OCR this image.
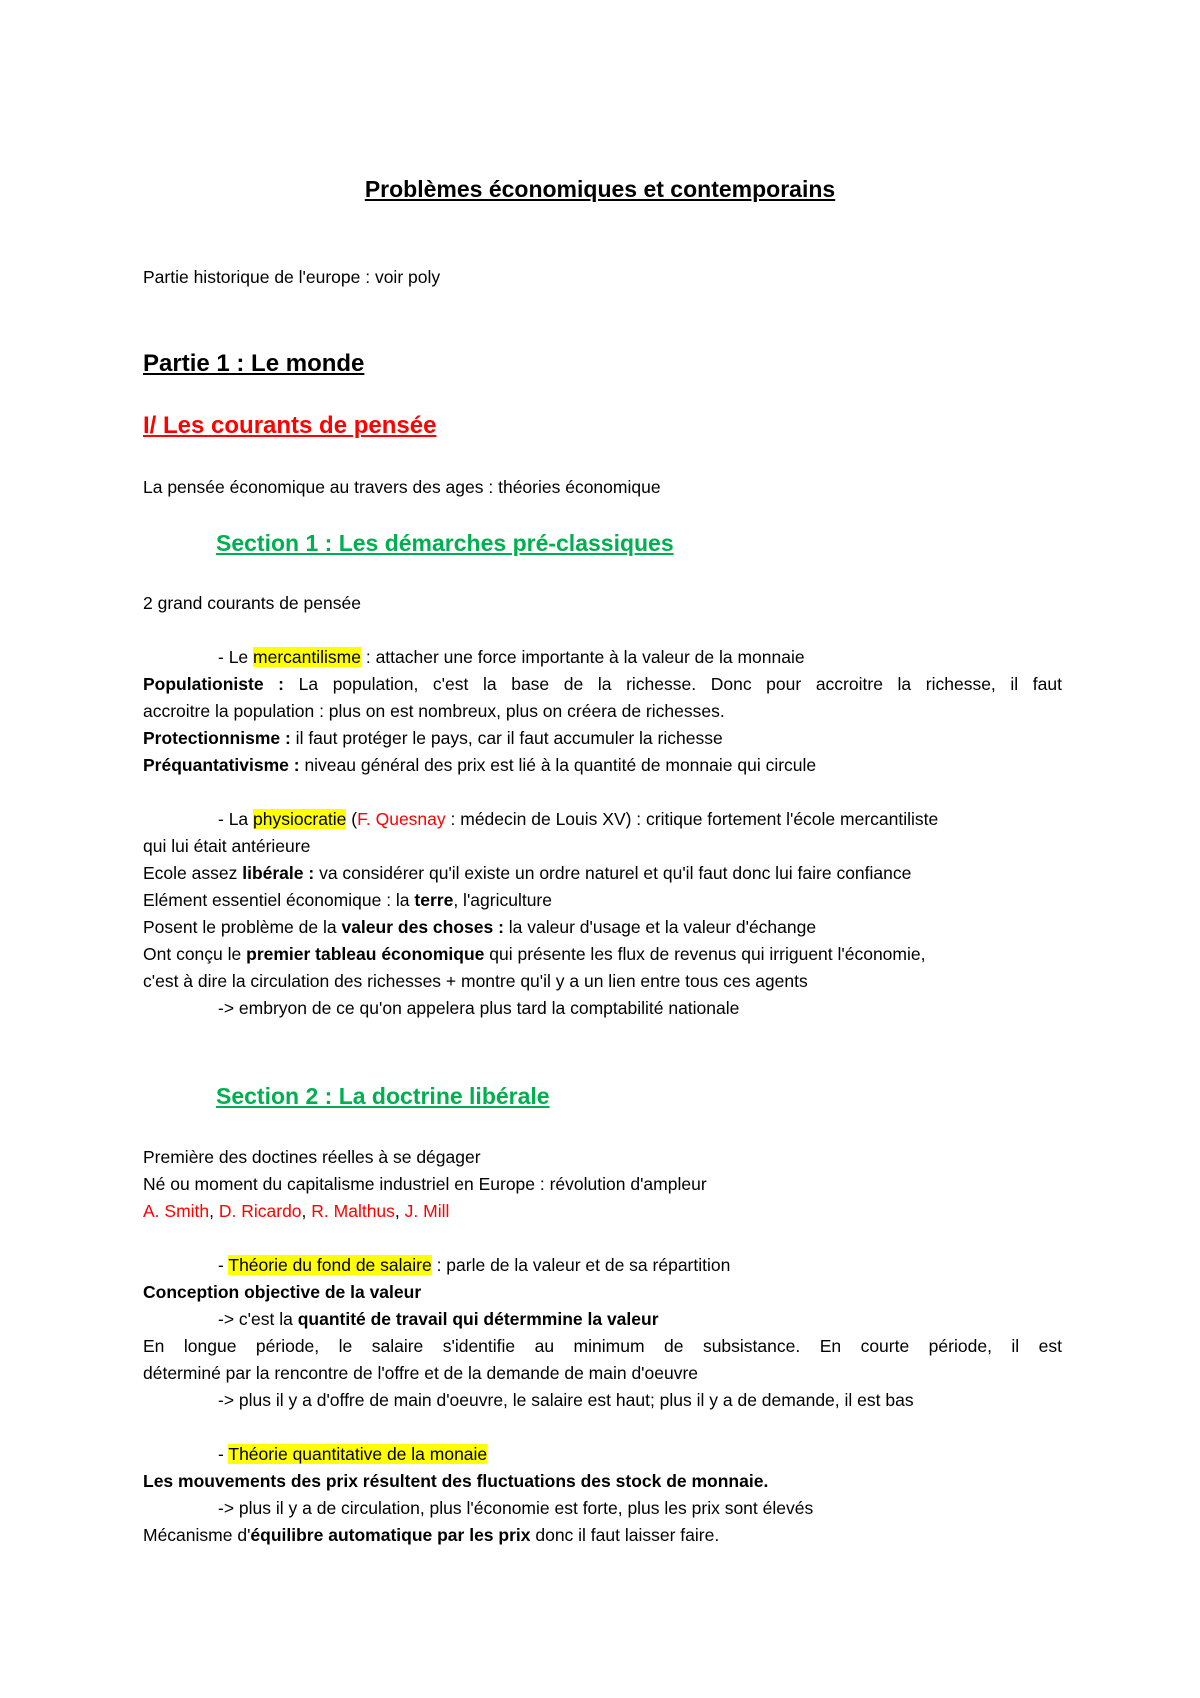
Problèmes économiques et contemporains
Partie historique de l'europe : voir poly
Partie 1 : Le monde
I/ Les courants de pensée
La pensée économique au travers des ages : théories économique
Section 1 : Les démarches pré-classiques
2 grand courants de pensée
- Le mercantilisme : attacher une force importante à la valeur de la monnaie
Populationiste : La population, c'est la base de la richesse. Donc pour accroitre la richesse, il faut
accroitre la population : plus on est nombreux, plus on créera de richesses.
Protectionnisme : il faut protéger le pays, car il faut accumuler la richesse
Préquantativisme : niveau général des prix est lié à la quantité de monnaie qui circule
- La physiocratie (F. Quesnay : médecin de Louis XV) : critique fortement l'école mercantiliste
qui lui était antérieure
Ecole assez libérale : va considérer qu'il existe un ordre naturel et qu'il faut donc lui faire confiance
Elément essentiel économique : la terre, l'agriculture
Posent le problème de la valeur des choses : la valeur d'usage et la valeur d'échange
Ont conçu le premier tableau économique qui présente les flux de revenus qui irriguent l'économie,
c'est à dire la circulation des richesses + montre qu'il y a un lien entre tous ces agents
-> embryon de ce qu'on appelera plus tard la comptabilité nationale
Section 2 : La doctrine libérale
Première des doctines réelles à se dégager
Né ou moment du capitalisme industriel en Europe : révolution d'ampleur
A. Smith, D. Ricardo, R. Malthus, J. Mill
- Théorie du fond de salaire : parle de la valeur et de sa répartition
Conception objective de la valeur
-> c'est la quantité de travail qui détermmine la valeur
En longue période, le salaire s'identifie au minimum de subsistance. En courte période, il est
déterminé par la rencontre de l'offre et de la demande de main d'oeuvre
-> plus il y a d'offre de main d'oeuvre, le salaire est haut; plus il y a de demande, il est bas
- Théorie quantitative de la monaie
Les mouvements des prix résultent des fluctuations des stock de monnaie.
-> plus il y a de circulation, plus l'économie est forte, plus les prix sont élevés
Mécanisme d'équilibre automatique par les prix donc il faut laisser faire.
